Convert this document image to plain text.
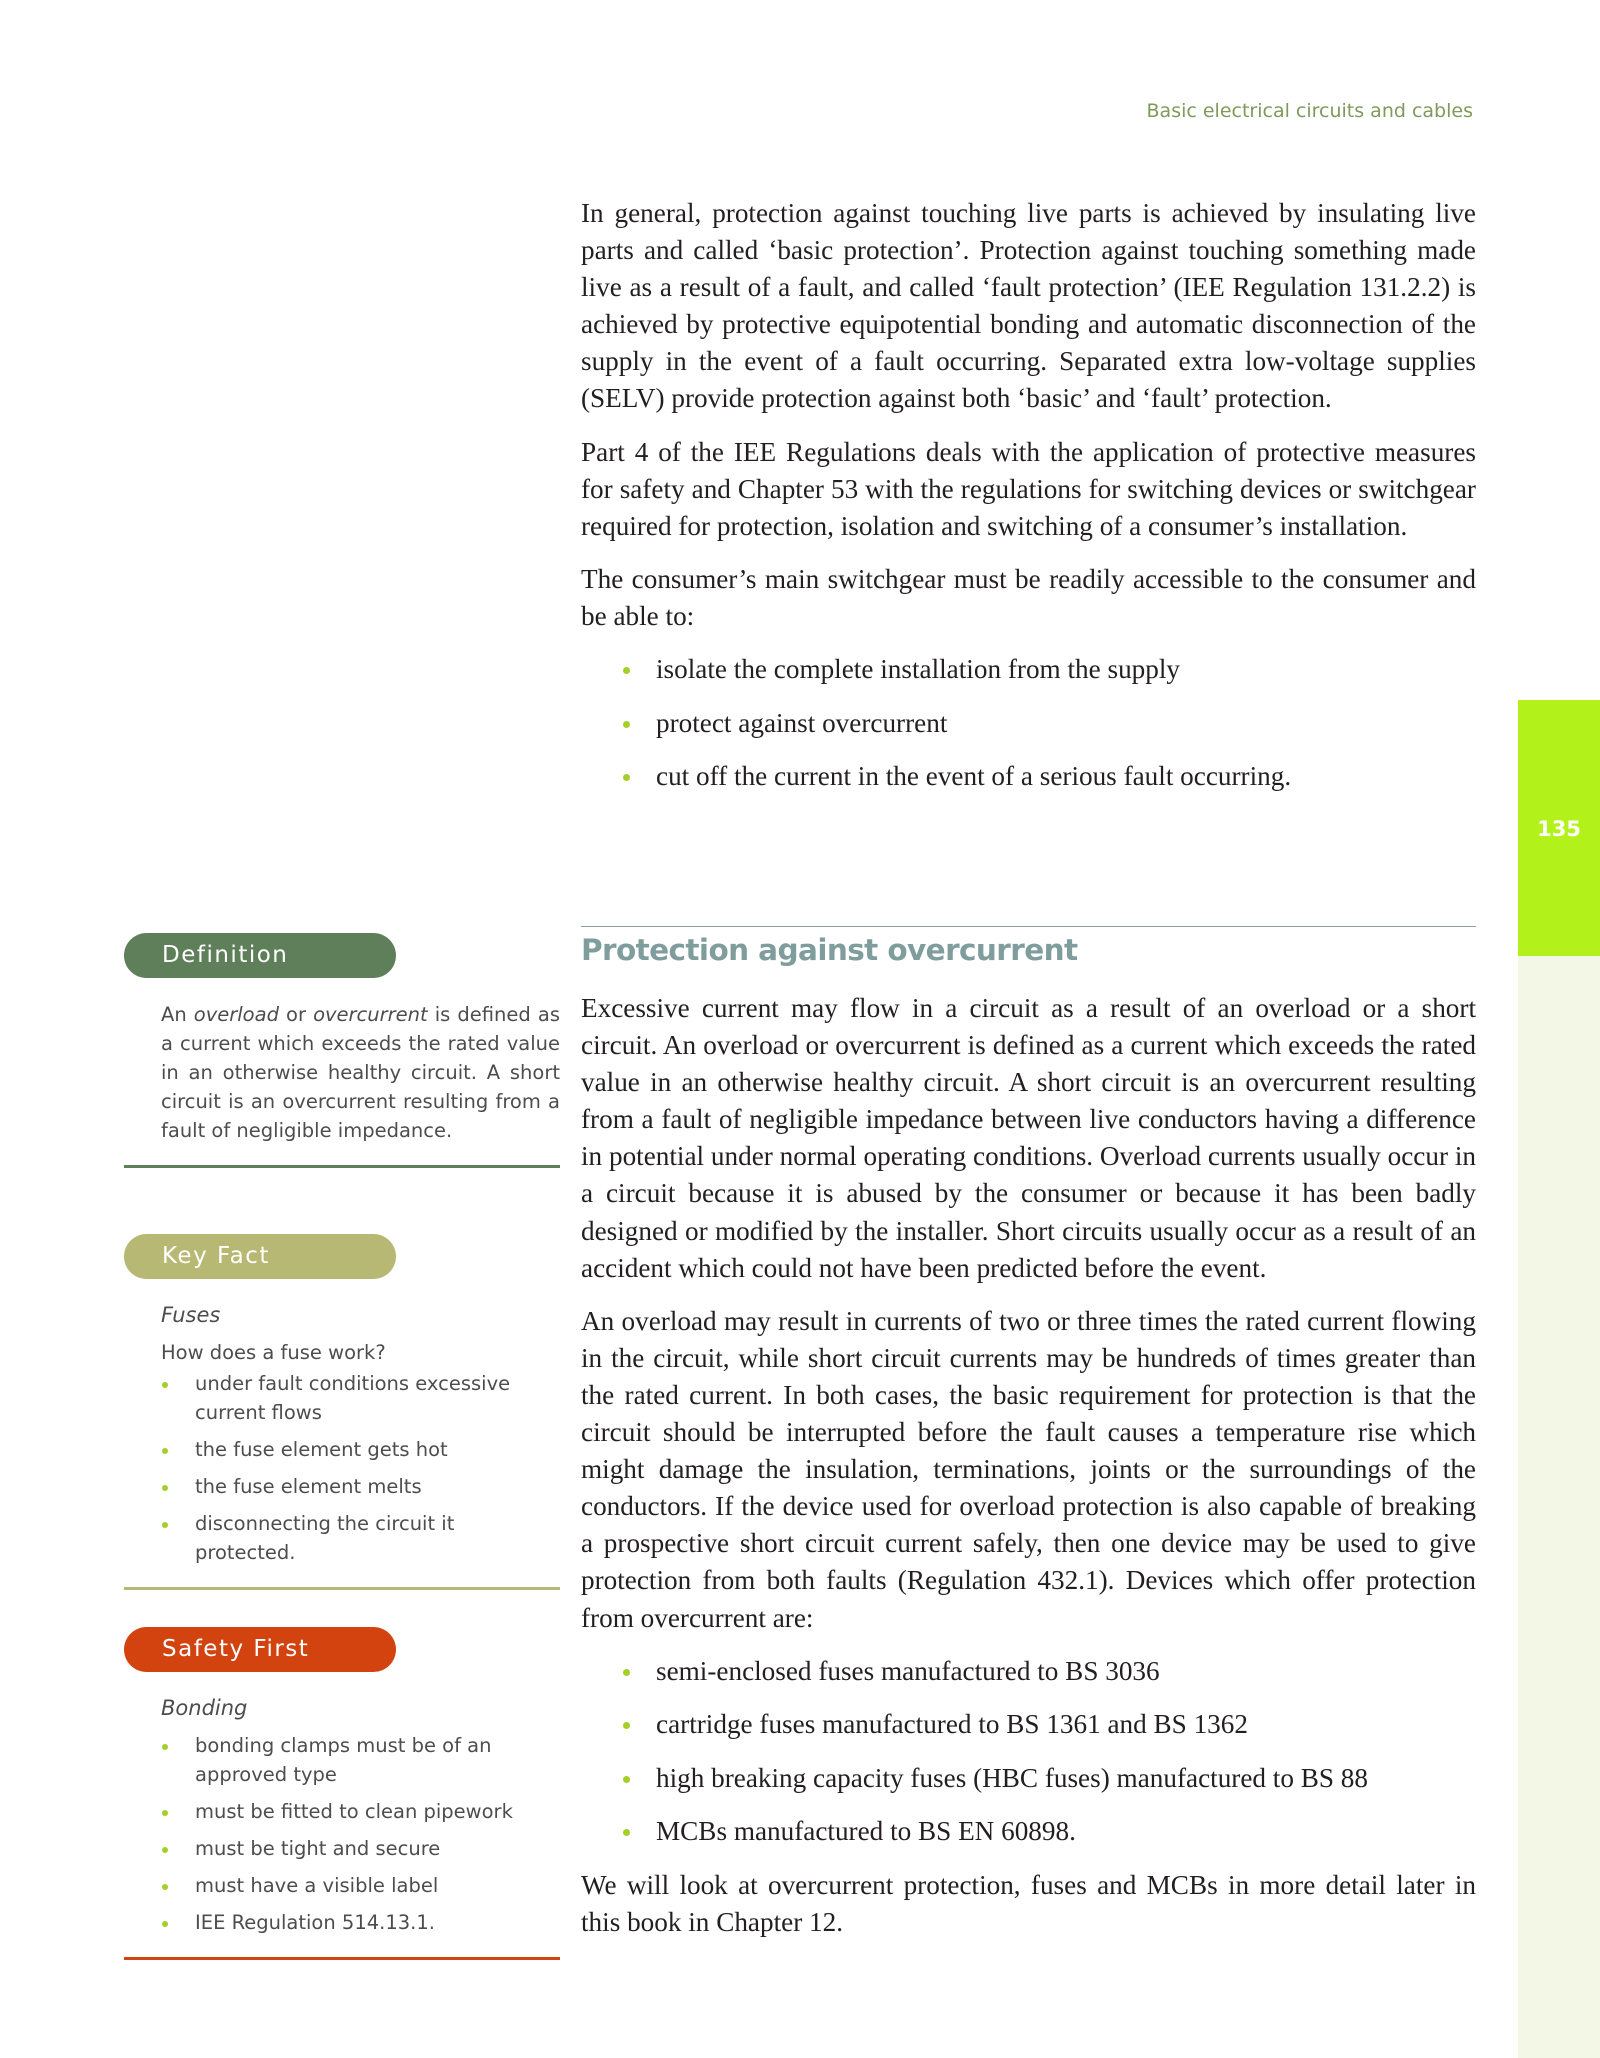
135
Basic electrical circuits and cables

In general, protection against touching live parts is achieved by insulating live parts and called ‘basic protection’. Protection against touching something made live as a result of a fault, and called ‘fault protection’ (IEE Regulation 131.2.2) is achieved by protective equipotential bonding and automatic disconnection of the supply in the event of a fault occurring. Separated extra low-voltage supplies (SELV) provide protection against both ‘basic’ and ‘fault’ protection.

Part 4 of the IEE Regulations deals with the application of protective measures for safety and Chapter 53 with the regulations for switching devices or switchgear required for protection, isolation and switching of a consumer’s installation.

The consumer’s main switchgear must be readily accessible to the consumer and be able to:

isolate the complete installation from the supply
protect against overcurrent
cut off the current in the event of a serious fault occurring.
Protection against overcurrent

Excessive current may flow in a circuit as a result of an overload or a short circuit. An overload or overcurrent is defined as a current which exceeds the rated value in an otherwise healthy circuit. A short circuit is an overcurrent resulting from a fault of negligible impedance between live conductors having a difference in potential under normal operating conditions. Overload currents usually occur in a circuit because it is abused by the consumer or because it has been badly designed or modified by the installer. Short circuits usually occur as a result of an accident which could not have been predicted before the event.

An overload may result in currents of two or three times the rated current flowing in the circuit, while short circuit currents may be hundreds of times greater than the rated current. In both cases, the basic requirement for protection is that the circuit should be interrupted before the fault causes a temperature rise which might damage the insulation, terminations, joints or the surroundings of the conductors. If the device used for overload protection is also capable of breaking a prospective short circuit current safely, then one device may be used to give protection from both faults (Regulation 432.1). Devices which offer protection from overcurrent are:

semi-enclosed fuses manufactured to BS 3036
cartridge fuses manufactured to BS 1361 and BS 1362
high breaking capacity fuses (HBC fuses) manufactured to BS 88
MCBs manufactured to BS EN 60898.

We will look at overcurrent protection, fuses and MCBs in more detail later in this book in Chapter 12.

Definition
An overload or overcurrent is defined as a current which exceeds the rated value in an otherwise healthy circuit. A short circuit is an overcurrent resulting from a fault of negligible impedance.
Key Fact
Fuses
How does a fuse work?
under fault conditions excessive current flows
the fuse element gets hot
the fuse element melts
disconnecting the circuit it protected.
Safety First
Bonding
bonding clamps must be of an approved type
must be fitted to clean pipework
must be tight and secure
must have a visible label
IEE Regulation 514.13.1.
